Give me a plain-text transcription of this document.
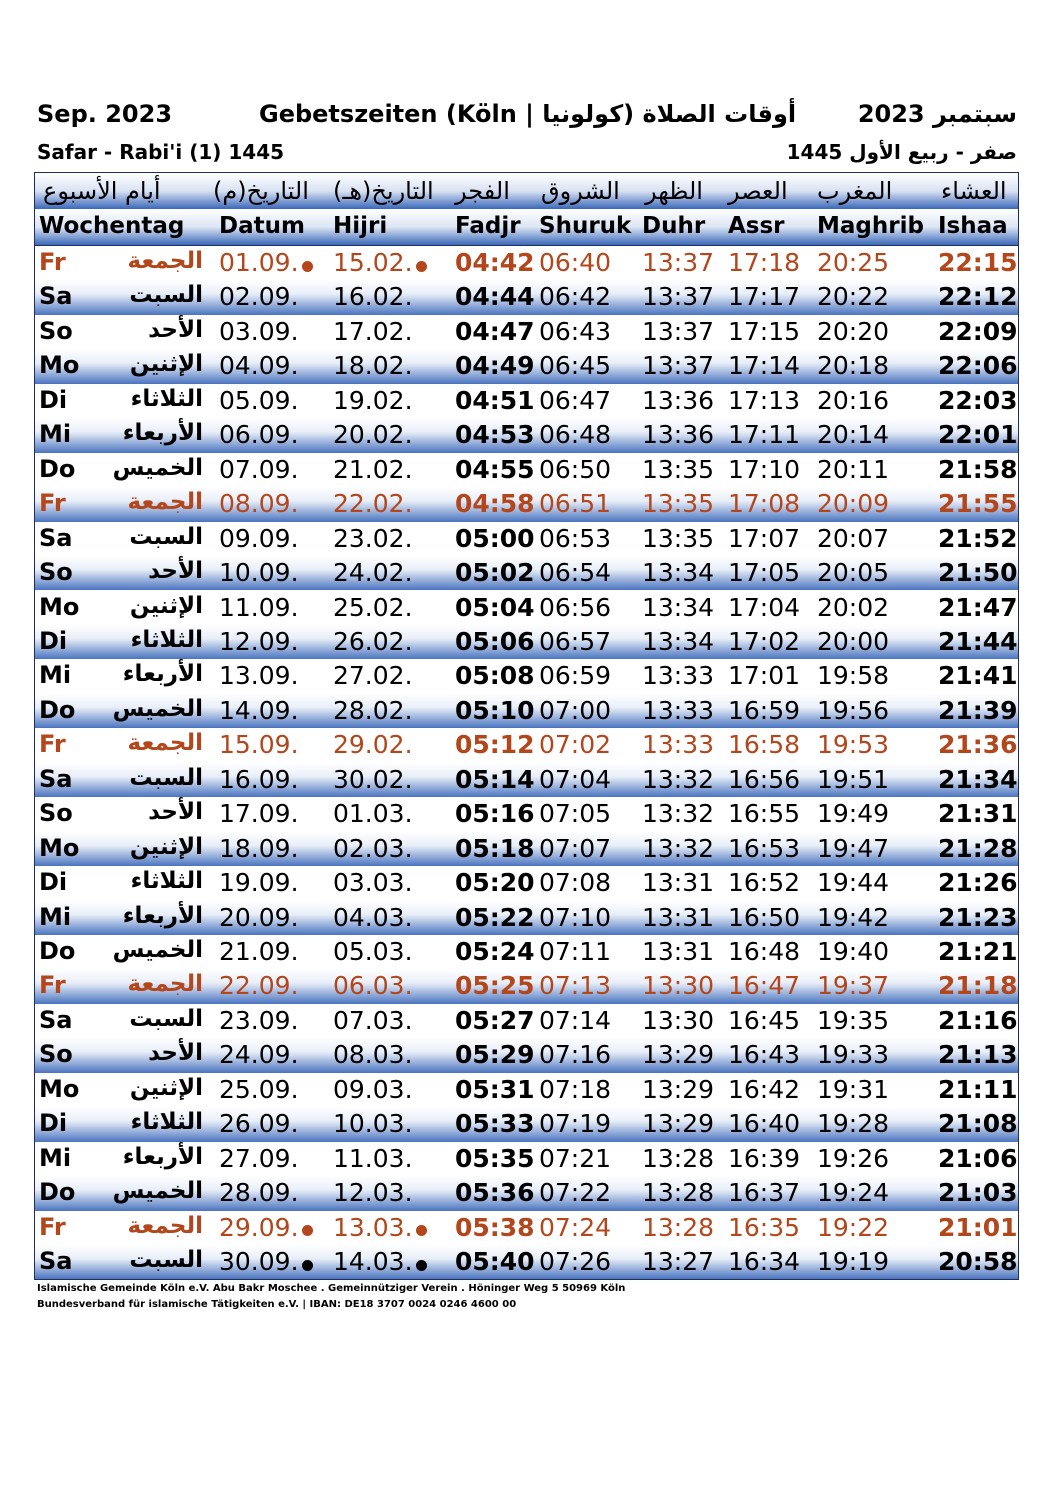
Sep. 2023	Gebetszeiten (Köln | أوقات الصلاة (كولونيا	سبتمبر 2023
Safar - Rabi'i (1) 1445	صفر - ربيع الأول 1445
أيام الأسبوع التاريخ(م) التاريخ(هـ) الفجر الشروق الظهر العصر المغرب العشاء
Wochentag Datum Hijri	Fadjr Shuruk Duhr Assr Maghrib Ishaa
Fr	الجمعة 01.09.	15.02.	04:42 06:40 13:37 17:18 20:25 22:15
Sa	السبت 02.09. 16.02. 04:44 06:42 13:37 17:17 20:22 22:12
So	الأحد 03.09. 17.02. 04:47 06:43 13:37 17:15 20:20 22:09
Mo	الإثنين 04.09. 18.02. 04:49 06:45 13:37 17:14 20:18 22:06
Di	الثلاثاء 05.09. 19.02. 04:51 06:47 13:36 17:13 20:16 22:03
Mi	الأربعاء 06.09. 20.02. 04:53 06:48 13:36 17:11 20:14 22:01
Do الخميس 07.09. 21.02. 04:55 06:50 13:35 17:10 20:11 21:58
Fr	الجمعة 08.09. 22.02. 04:58 06:51 13:35 17:08 20:09 21:55
Sa	السبت 09.09. 23.02. 05:00 06:53 13:35 17:07 20:07 21:52
So	الأحد 10.09. 24.02. 05:02 06:54 13:34 17:05 20:05 21:50
Mo	الإثنين 11.09. 25.02. 05:04 06:56 13:34 17:04 20:02 21:47
Di	الثلاثاء 12.09. 26.02. 05:06 06:57 13:34 17:02 20:00 21:44
Mi	الأربعاء 13.09. 27.02. 05:08 06:59 13:33 17:01 19:58 21:41
Do الخميس 14.09. 28.02. 05:10 07:00 13:33 16:59 19:56 21:39
Fr	الجمعة 15.09. 29.02. 05:12 07:02 13:33 16:58 19:53 21:36
Sa	السبت 16.09. 30.02. 05:14 07:04 13:32 16:56 19:51 21:34
So	الأحد 17.09. 01.03. 05:16 07:05 13:32 16:55 19:49 21:31
Mo	الإثنين 18.09. 02.03. 05:18 07:07 13:32 16:53 19:47 21:28
Di	الثلاثاء 19.09. 03.03. 05:20 07:08 13:31 16:52 19:44 21:26
Mi	الأربعاء 20.09. 04.03. 05:22 07:10 13:31 16:50 19:42 21:23
Do الخميس 21.09. 05.03. 05:24 07:11 13:31 16:48 19:40 21:21
Fr	الجمعة 22.09. 06.03. 05:25 07:13 13:30 16:47 19:37 21:18
Sa	السبت 23.09. 07.03. 05:27 07:14 13:30 16:45 19:35 21:16
So	الأحد 24.09. 08.03. 05:29 07:16 13:29 16:43 19:33 21:13
Mo	الإثنين 25.09. 09.03. 05:31 07:18 13:29 16:42 19:31 21:11
Di	الثلاثاء 26.09. 10.03. 05:33 07:19 13:29 16:40 19:28 21:08
Mi	الأربعاء 27.09. 11.03. 05:35 07:21 13:28 16:39 19:26 21:06
Do الخميس 28.09. 12.03. 05:36 07:22 13:28 16:37 19:24 21:03
Fr	الجمعة 29.09.	13.03.	05:38 07:24 13:28 16:35 19:22 21:01
Sa	السبت 30.09.	14.03.	05:40 07:26 13:27 16:34 19:19 20:58
Islamische Gemeinde Köln e.V. Abu Bakr Moschee . Gemeinnütziger Verein . Höninger Weg 5 50969 Köln
Bundesverband für islamische Tätigkeiten e.V. | IBAN: DE18 3707 0024 0246 4600 00
